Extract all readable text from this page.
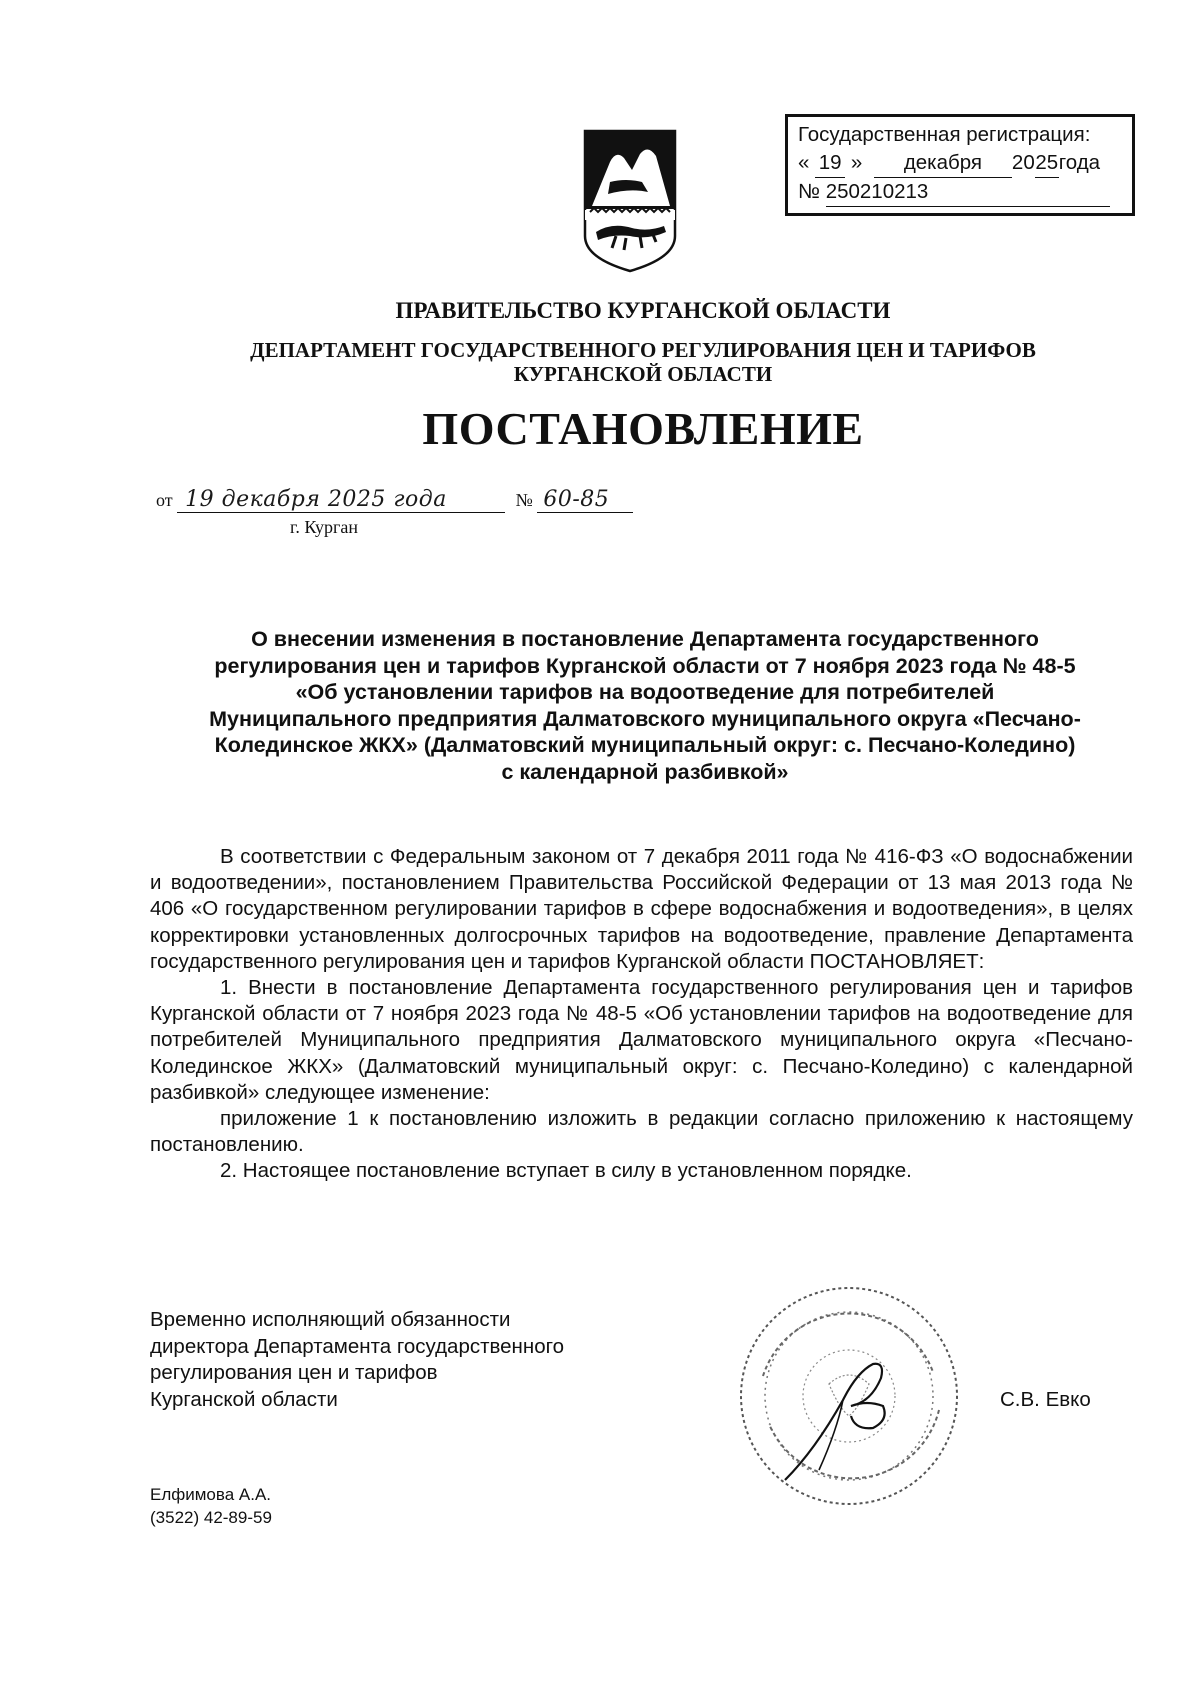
Государственная регистрация:
« 19 » декабря 2025года
№ 250210213
ПРАВИТЕЛЬСТВО КУРГАНСКОЙ ОБЛАСТИ
ДЕПАРТАМЕНТ ГОСУДАРСТВЕННОГО РЕГУЛИРОВАНИЯ ЦЕН И ТАРИФОВ
КУРГАНСКОЙ ОБЛАСТИ
ПОСТАНОВЛЕНИЕ
от 19 декабря 2025 года	№ 60-85
г. Курган
О внесении изменения в постановление Департамента государственного
регулирования цен и тарифов Курганской области от 7 ноября 2023 года № 48-5
«Об установлении тарифов на водоотведение для потребителей
Муниципального предприятия Далматовского муниципального округа «Песчано-
Колединское ЖКХ» (Далматовский муниципальный округ: с. Песчано-Коледино)
с календарной разбивкой»

В соответствии с Федеральным законом от 7 декабря 2011 года № 416-ФЗ «О водоснабжении и водоотведении», постановлением Правительства Российской Федерации от 13 мая 2013 года № 406 «О государственном регулировании тарифов в сфере водоснабжения и водоотведения», в целях корректировки установленных долгосрочных тарифов на водоотведение, правление Департамента государственного регулирования цен и тарифов Курганской области ПОСТАНОВЛЯЕТ:

1. Внести в постановление Департамента государственного регулирования цен и тарифов Курганской области от 7 ноября 2023 года № 48-5 «Об установлении тарифов на водоотведение для потребителей Муниципального предприятия Далматовского муниципального округа «Песчано-Колединское ЖКХ» (Далматовский муниципальный округ: с. Песчано-Коледино) с календарной разбивкой» следующее изменение:

приложение 1 к постановлению изложить в редакции согласно приложению к настоящему постановлению.

2. Настоящее постановление вступает в силу в установленном порядке.

Временно исполняющий обязанности
директора Департамента государственного
регулирования цен и тарифов
Курганской области	С.В. Евко
Елфимова А.А.
(3522) 42-89-59
